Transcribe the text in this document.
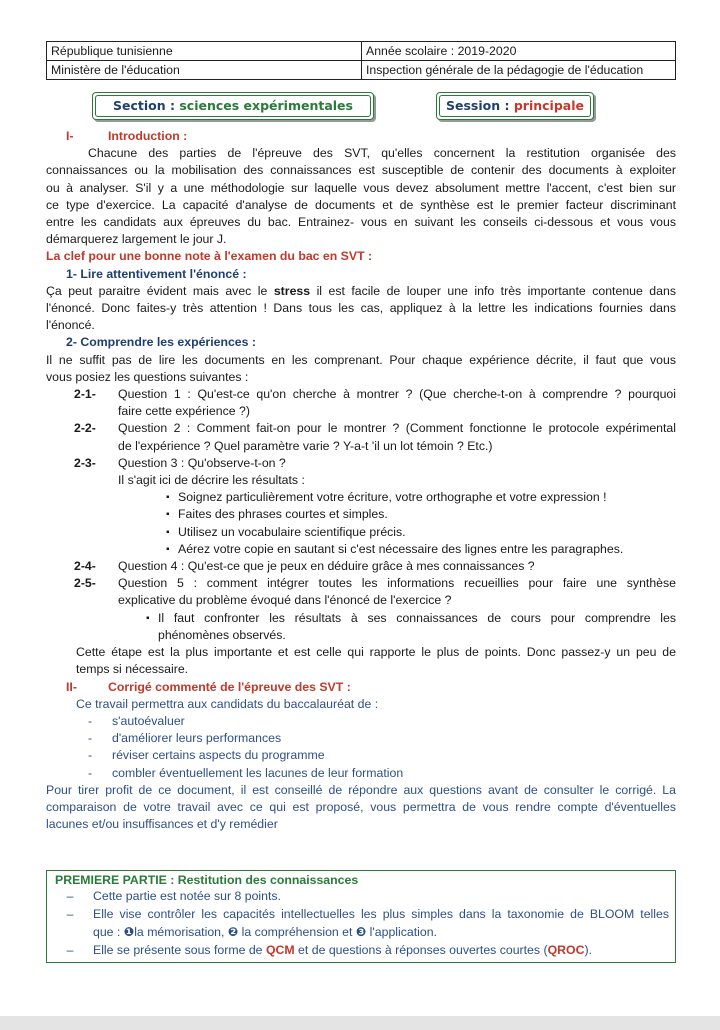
République tunisienne	Année scolaire : 2019-2020
Ministère de l'éducation	Inspection générale de la pédagogie de l'éducation
Section : sciences expérimentales	Session : principale
I-	Introduction :
Chacune des parties de l'épreuve des SVT, qu'elles concernent la restitution organisée des
connaissances ou la mobilisation des connaissances est susceptible de contenir des documents à exploiter
ou à analyser. S'il y a une méthodologie sur laquelle vous devez absolument mettre l'accent, c'est bien sur
ce type d'exercice. La capacité d'analyse de documents et de synthèse est le premier facteur discriminant
entre les candidats aux épreuves du bac. Entrainez- vous en suivant les conseils ci-dessous et vous vous
démarquerez largement le jour J.
La clef pour une bonne note à l'examen du bac en SVT :
1- Lire attentivement l'énoncé :
Ça peut paraitre évident mais avec le stress il est facile de louper une info très importante contenue dans
l'énoncé. Donc faites-y très attention ! Dans tous les cas, appliquez à la lettre les indications fournies dans
l'énoncé.
2- Comprendre les expériences :
Il ne suffit pas de lire les documents en les comprenant. Pour chaque expérience décrite, il faut que vous
vous posiez les questions suivantes :
2-1-	Question 1 : Qu'est-ce qu'on cherche à montrer ? (Que cherche-t-on à comprendre ? pourquoi
faire cette expérience ?)
2-2-	Question 2 : Comment fait-on pour le montrer ? (Comment fonctionne le protocole expérimental
de l'expérience ? Quel paramètre varie ? Y-a-t 'il un lot témoin ? Etc.)
2-3-	Question 3 : Qu'observe-t-on ?
Il s'agit ici de décrire les résultats :
▪ Soignez particulièrement votre écriture, votre orthographe et votre expression !
▪ Faites des phrases courtes et simples.
▪ Utilisez un vocabulaire scientifique précis.
▪ Aérez votre copie en sautant si c'est nécessaire des lignes entre les paragraphes.
2-4-	Question 4 : Qu'est-ce que je peux en déduire grâce à mes connaissances ?
2-5-	Question 5 : comment intégrer toutes les informations recueillies pour faire une synthèse
explicative du problème évoqué dans l'énoncé de l'exercice ?
▪ Il faut confronter les résultats à ses connaissances de cours pour comprendre les
phénomènes observés.
Cette étape est la plus importante et est celle qui rapporte le plus de points. Donc passez-y un peu de
temps si nécessaire.
II-	Corrigé commenté de l'épreuve des SVT :
Ce travail permettra aux candidats du baccalauréat de :
-	s'autoévaluer
-	d'améliorer leurs performances
-	réviser certains aspects du programme
-	combler éventuellement les lacunes de leur formation
Pour tirer profit de ce document, il est conseillé de répondre aux questions avant de consulter le corrigé. La
comparaison de votre travail avec ce qui est proposé, vous permettra de vous rendre compte d'éventuelles
lacunes et/ou insuffisances et d'y remédier
PREMIERE PARTIE : Restitution des connaissances
–	Cette partie est notée sur 8 points.
–	Elle vise contrôler les capacités intellectuelles les plus simples dans la taxonomie de BLOOM telles
que : ❶la mémorisation, ❷ la compréhension et ❸ l'application.
–	Elle se présente sous forme de QCM et de questions à réponses ouvertes courtes (QROC).
